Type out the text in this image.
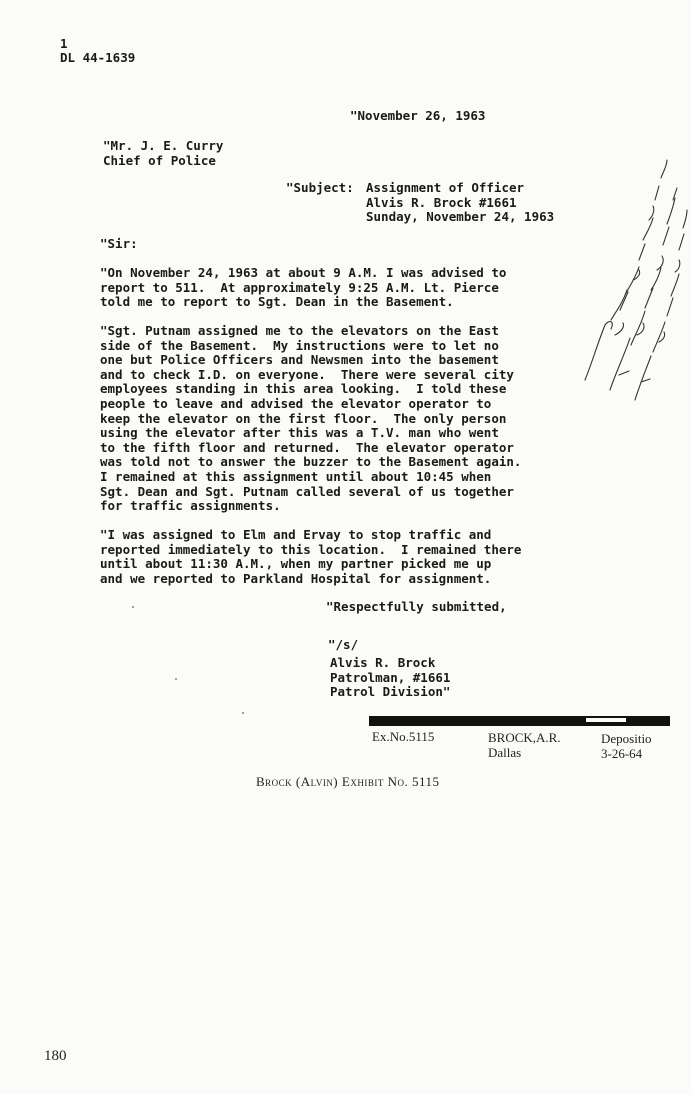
1
DL 44-1639
"November 26, 1963
"Mr. J. E. Curry
Chief of Police
"Subject: Assignment of Officer
Alvis R. Brock #1661
Sunday, November 24, 1963
"Sir:
"On November 24, 1963 at about 9 A.M. I was advised to
report to 511.  At approximately 9:25 A.M. Lt. Pierce
told me to report to Sgt. Dean in the Basement.
"Sgt. Putnam assigned me to the elevators on the East
side of the Basement.  My instructions were to let no
one but Police Officers and Newsmen into the basement
and to check I.D. on everyone.  There were several city
employees standing in this area looking.  I told these
people to leave and advised the elevator operator to
keep the elevator on the first floor.  The only person
using the elevator after this was a T.V. man who went
to the fifth floor and returned.  The elevator operator
was told not to answer the buzzer to the Basement again.
I remained at this assignment until about 10:45 when
Sgt. Dean and Sgt. Putnam called several of us together
for traffic assignments.
"I was assigned to Elm and Ervay to stop traffic and
reported immediately to this location.  I remained there
until about 11:30 A.M., when my partner picked me up
and we reported to Parkland Hospital for assignment.
"Respectfully submitted,
"/s/
Alvis R. Brock
Patrolman, #1661
Patrol Division"
Ex.No.5115	BROCK,A.R.
Dallas
Depositio
3-26-64
Brock (Alvin) Exhibit No. 5115
180
